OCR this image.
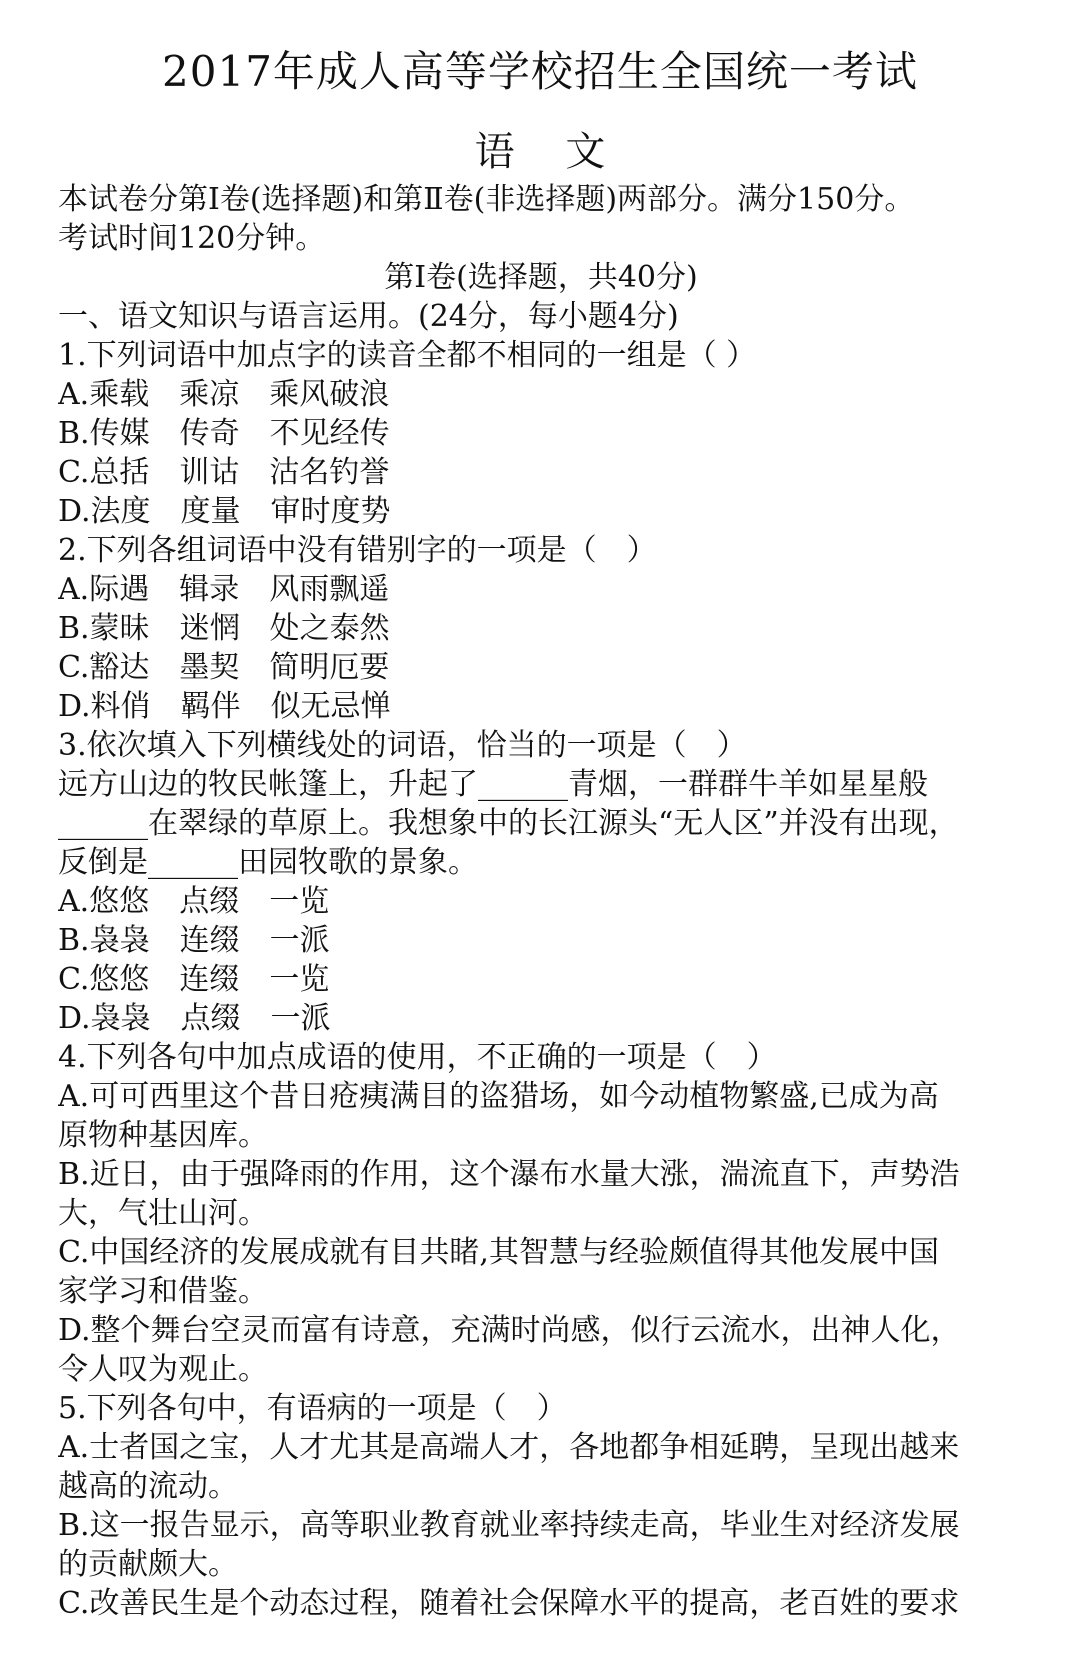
2017年成人高等学校招生全国统一考试
语 文
本试卷分第Ⅰ卷(选择题)和第Ⅱ卷(非选择题)两部分。满分150分。
考试时间120分钟。
第Ⅰ卷(选择题，共40分)
一、语文知识与语言运用。(24分，每小题4分)
1.下列词语中加点字的读音全都不相同的一组是（ ）
A.乘载　乘凉　乘风破浪
B.传媒　传奇　不见经传
C.总括　训诂　沽名钓誉
D.法度　度量　审时度势
2.下列各组词语中没有错别字的一项是（　）
A.际遇　辑录　风雨飘遥
B.蒙昧　迷惘　处之泰然
C.豁达　墨契　简明厄要
D.料俏　羁伴　似无忌惮
3.依次填入下列横线处的词语，恰当的一项是（　）
远方山边的牧民帐篷上，升起了______青烟，一群群牛羊如星星般
______在翠绿的草原上。我想象中的长江源头“无人区”并没有出现，
反倒是______田园牧歌的景象。
A.悠悠　点缀　一览
B.袅袅　连缀　一派
C.悠悠　连缀　一览
D.袅袅　点缀　一派
4.下列各句中加点成语的使用，不正确的一项是（　）
A.可可西里这个昔日疮痍满目的盗猎场，如今动植物繁盛,已成为高
原物种基因库。
B.近日，由于强降雨的作用，这个瀑布水量大涨，湍流直下，声势浩
大，气壮山河。
C.中国经济的发展成就有目共睹,其智慧与经验颇值得其他发展中国
家学习和借鉴。
D.整个舞台空灵而富有诗意，充满时尚感，似行云流水，出神人化，
令人叹为观止。
5.下列各句中，有语病的一项是（　）
A.士者国之宝，人才尤其是高端人才，各地都争相延聘，呈现出越来
越高的流动。
B.这一报告显示，高等职业教育就业率持续走高，毕业生对经济发展
的贡献颇大。
C.改善民生是个动态过程，随着社会保障水平的提高，老百姓的要求
